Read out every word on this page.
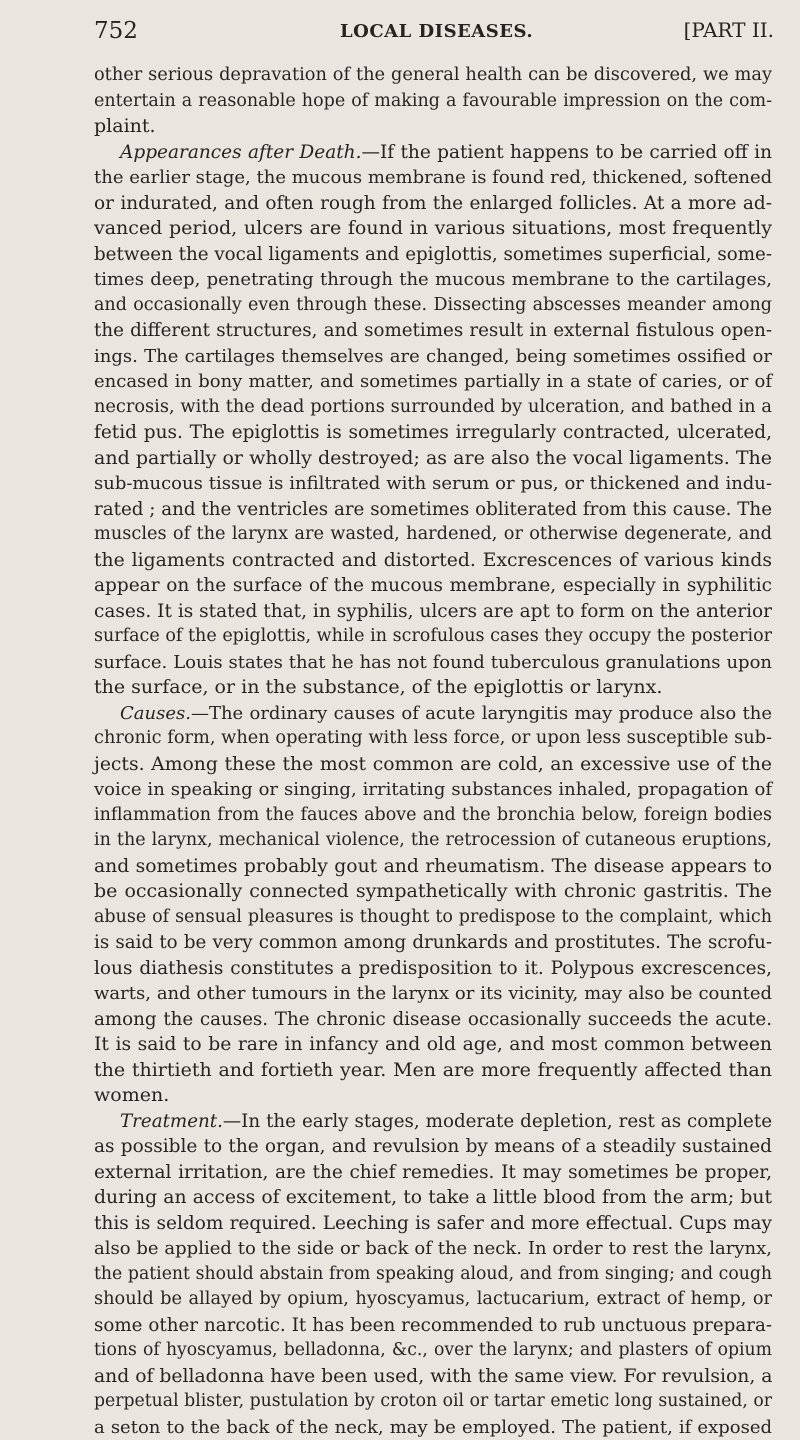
752	LOCAL DISEASES.	[PART II.
other serious depravation of the general health can be discovered, we may
entertain a reasonable hope of making a favourable impression on the com-
plaint.
Appearances after Death.—If the patient happens to be carried off in
the earlier stage, the mucous membrane is found red, thickened, softened
or indurated, and often rough from the enlarged follicles. At a more ad-
vanced period, ulcers are found in various situations, most frequently
between the vocal ligaments and epiglottis, sometimes superficial, some-
times deep, penetrating through the mucous membrane to the cartilages,
and occasionally even through these. Dissecting abscesses meander among
the different structures, and sometimes result in external fistulous open-
ings. The cartilages themselves are changed, being sometimes ossified or
encased in bony matter, and sometimes partially in a state of caries, or of
necrosis, with the dead portions surrounded by ulceration, and bathed in a
fetid pus. The epiglottis is sometimes irregularly contracted, ulcerated,
and partially or wholly destroyed; as are also the vocal ligaments. The
sub-mucous tissue is infiltrated with serum or pus, or thickened and indu-
rated ; and the ventricles are sometimes obliterated from this cause. The
muscles of the larynx are wasted, hardened, or otherwise degenerate, and
the ligaments contracted and distorted. Excrescences of various kinds
appear on the surface of the mucous membrane, especially in syphilitic
cases. It is stated that, in syphilis, ulcers are apt to form on the anterior
surface of the epiglottis, while in scrofulous cases they occupy the posterior
surface. Louis states that he has not found tuberculous granulations upon
the surface, or in the substance, of the epiglottis or larynx.
Causes.—The ordinary causes of acute laryngitis may produce also the
chronic form, when operating with less force, or upon less susceptible sub-
jects. Among these the most common are cold, an excessive use of the
voice in speaking or singing, irritating substances inhaled, propagation of
inflammation from the fauces above and the bronchia below, foreign bodies
in the larynx, mechanical violence, the retrocession of cutaneous eruptions,
and sometimes probably gout and rheumatism. The disease appears to
be occasionally connected sympathetically with chronic gastritis. The
abuse of sensual pleasures is thought to predispose to the complaint, which
is said to be very common among drunkards and prostitutes. The scrofu-
lous diathesis constitutes a predisposition to it. Polypous excrescences,
warts, and other tumours in the larynx or its vicinity, may also be counted
among the causes. The chronic disease occasionally succeeds the acute.
It is said to be rare in infancy and old age, and most common between
the thirtieth and fortieth year. Men are more frequently affected than
women.
Treatment.—In the early stages, moderate depletion, rest as complete
as possible to the organ, and revulsion by means of a steadily sustained
external irritation, are the chief remedies. It may sometimes be proper,
during an access of excitement, to take a little blood from the arm; but
this is seldom required. Leeching is safer and more effectual. Cups may
also be applied to the side or back of the neck. In order to rest the larynx,
the patient should abstain from speaking aloud, and from singing; and cough
should be allayed by opium, hyoscyamus, lactucarium, extract of hemp, or
some other narcotic. It has been recommended to rub unctuous prepara-
tions of hyoscyamus, belladonna, &c., over the larynx; and plasters of opium
and of belladonna have been used, with the same view. For revulsion, a
perpetual blister, pustulation by croton oil or tartar emetic long sustained, or
a seton to the back of the neck, may be employed. The patient, if exposed
